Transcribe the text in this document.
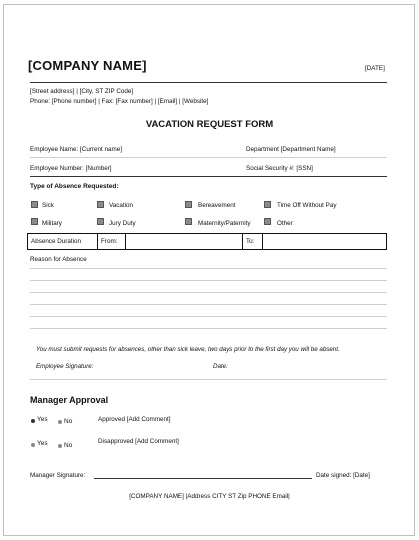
[COMPANY NAME]	[DATE]
[Street address] | [City, ST ZIP Code]
Phone: [Phone number] | Fax: [Fax number] | [Email] | [Website]
VACATION REQUEST FORM
Employee Name: [Current name]	Department [Department Name]
Employee Number: [Number]	Social Security #: [SSN]
Type of Absence Requested:
Sick	Vacation	Bereavement	Time Off Without Pay
Military	Jury Duty	Maternity/Paternity	Other
Absence Duration	From:	To:
Reason for Absence
You must submit requests for absences, other than sick leave, two days prior to the first day you will be absent.
Employee Signature:	Date:
Manager Approval
Yes	No	Approved [Add Comment]
Yes	No
Disapproved [Add Comment]
Manager Signature:	Date signed: [Date]
[COMPANY NAME] |Address CITY ST Zip PHONE Email|
